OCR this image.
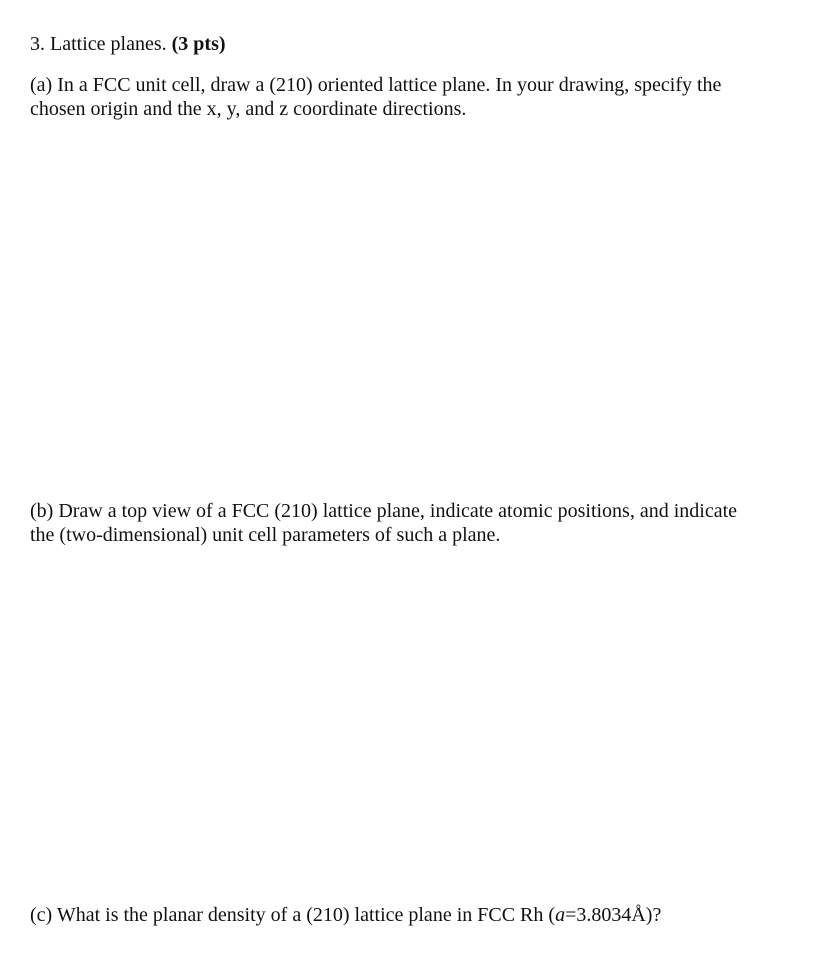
3. Lattice planes. (3 pts)
(a) In a FCC unit cell, draw a (210) oriented lattice plane. In your drawing, specify the
chosen origin and the x, y, and z coordinate directions.
(b) Draw a top view of a FCC (210) lattice plane, indicate atomic positions, and indicate
the (two-dimensional) unit cell parameters of such a plane.
(c) What is the planar density of a (210) lattice plane in FCC Rh (a=3.8034Å)?
